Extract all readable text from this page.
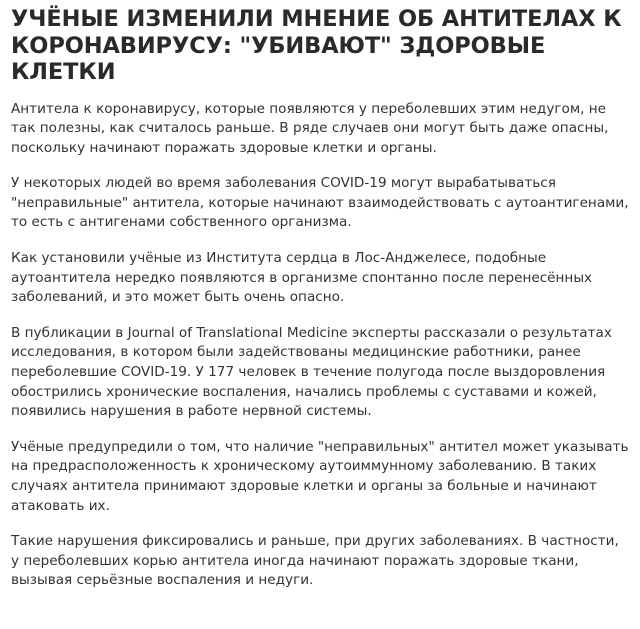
УЧЁНЫЕ ИЗМЕНИЛИ МНЕНИЕ ОБ АНТИТЕЛАХ К КОРОНАВИРУСУ: "УБИВАЮТ" ЗДОРОВЫЕ КЛЕТКИ

Антитела к коронавирусу, которые появляются у переболевших этим недугом, не так полезны, как считалось раньше. В ряде случаев они могут быть даже опасны, поскольку начинают поражать здоровые клетки и органы.

У некоторых людей во время заболевания COVID-19 могут вырабатываться "неправильные" антитела, которые начинают взаимодействовать с аутоантигенами, то есть с антигенами собственного организма.

Как установили учёные из Института сердца в Лос-Анджелесе, подобные аутоантитела нередко появляются в организме спонтанно после перенесённых заболеваний, и это может быть очень опасно.

В публикации в Journal of Translational Medicine эксперты рассказали о результатах исследования, в котором были задействованы медицинские работники, ранее переболевшие COVID-19. У 177 человек в течение полугода после выздоровления обострились хронические воспаления, начались проблемы с суставами и кожей, появились нарушения в работе нервной системы.

Учёные предупредили о том, что наличие "неправильных" антител может указывать на предрасположенность к хроническому аутоиммунному заболеванию. В таких случаях антитела принимают здоровые клетки и органы за больные и начинают атаковать их.

Такие нарушения фиксировались и раньше, при других заболеваниях. В частности, у переболевших корью антитела иногда начинают поражать здоровые ткани, вызывая серьёзные воспаления и недуги.
